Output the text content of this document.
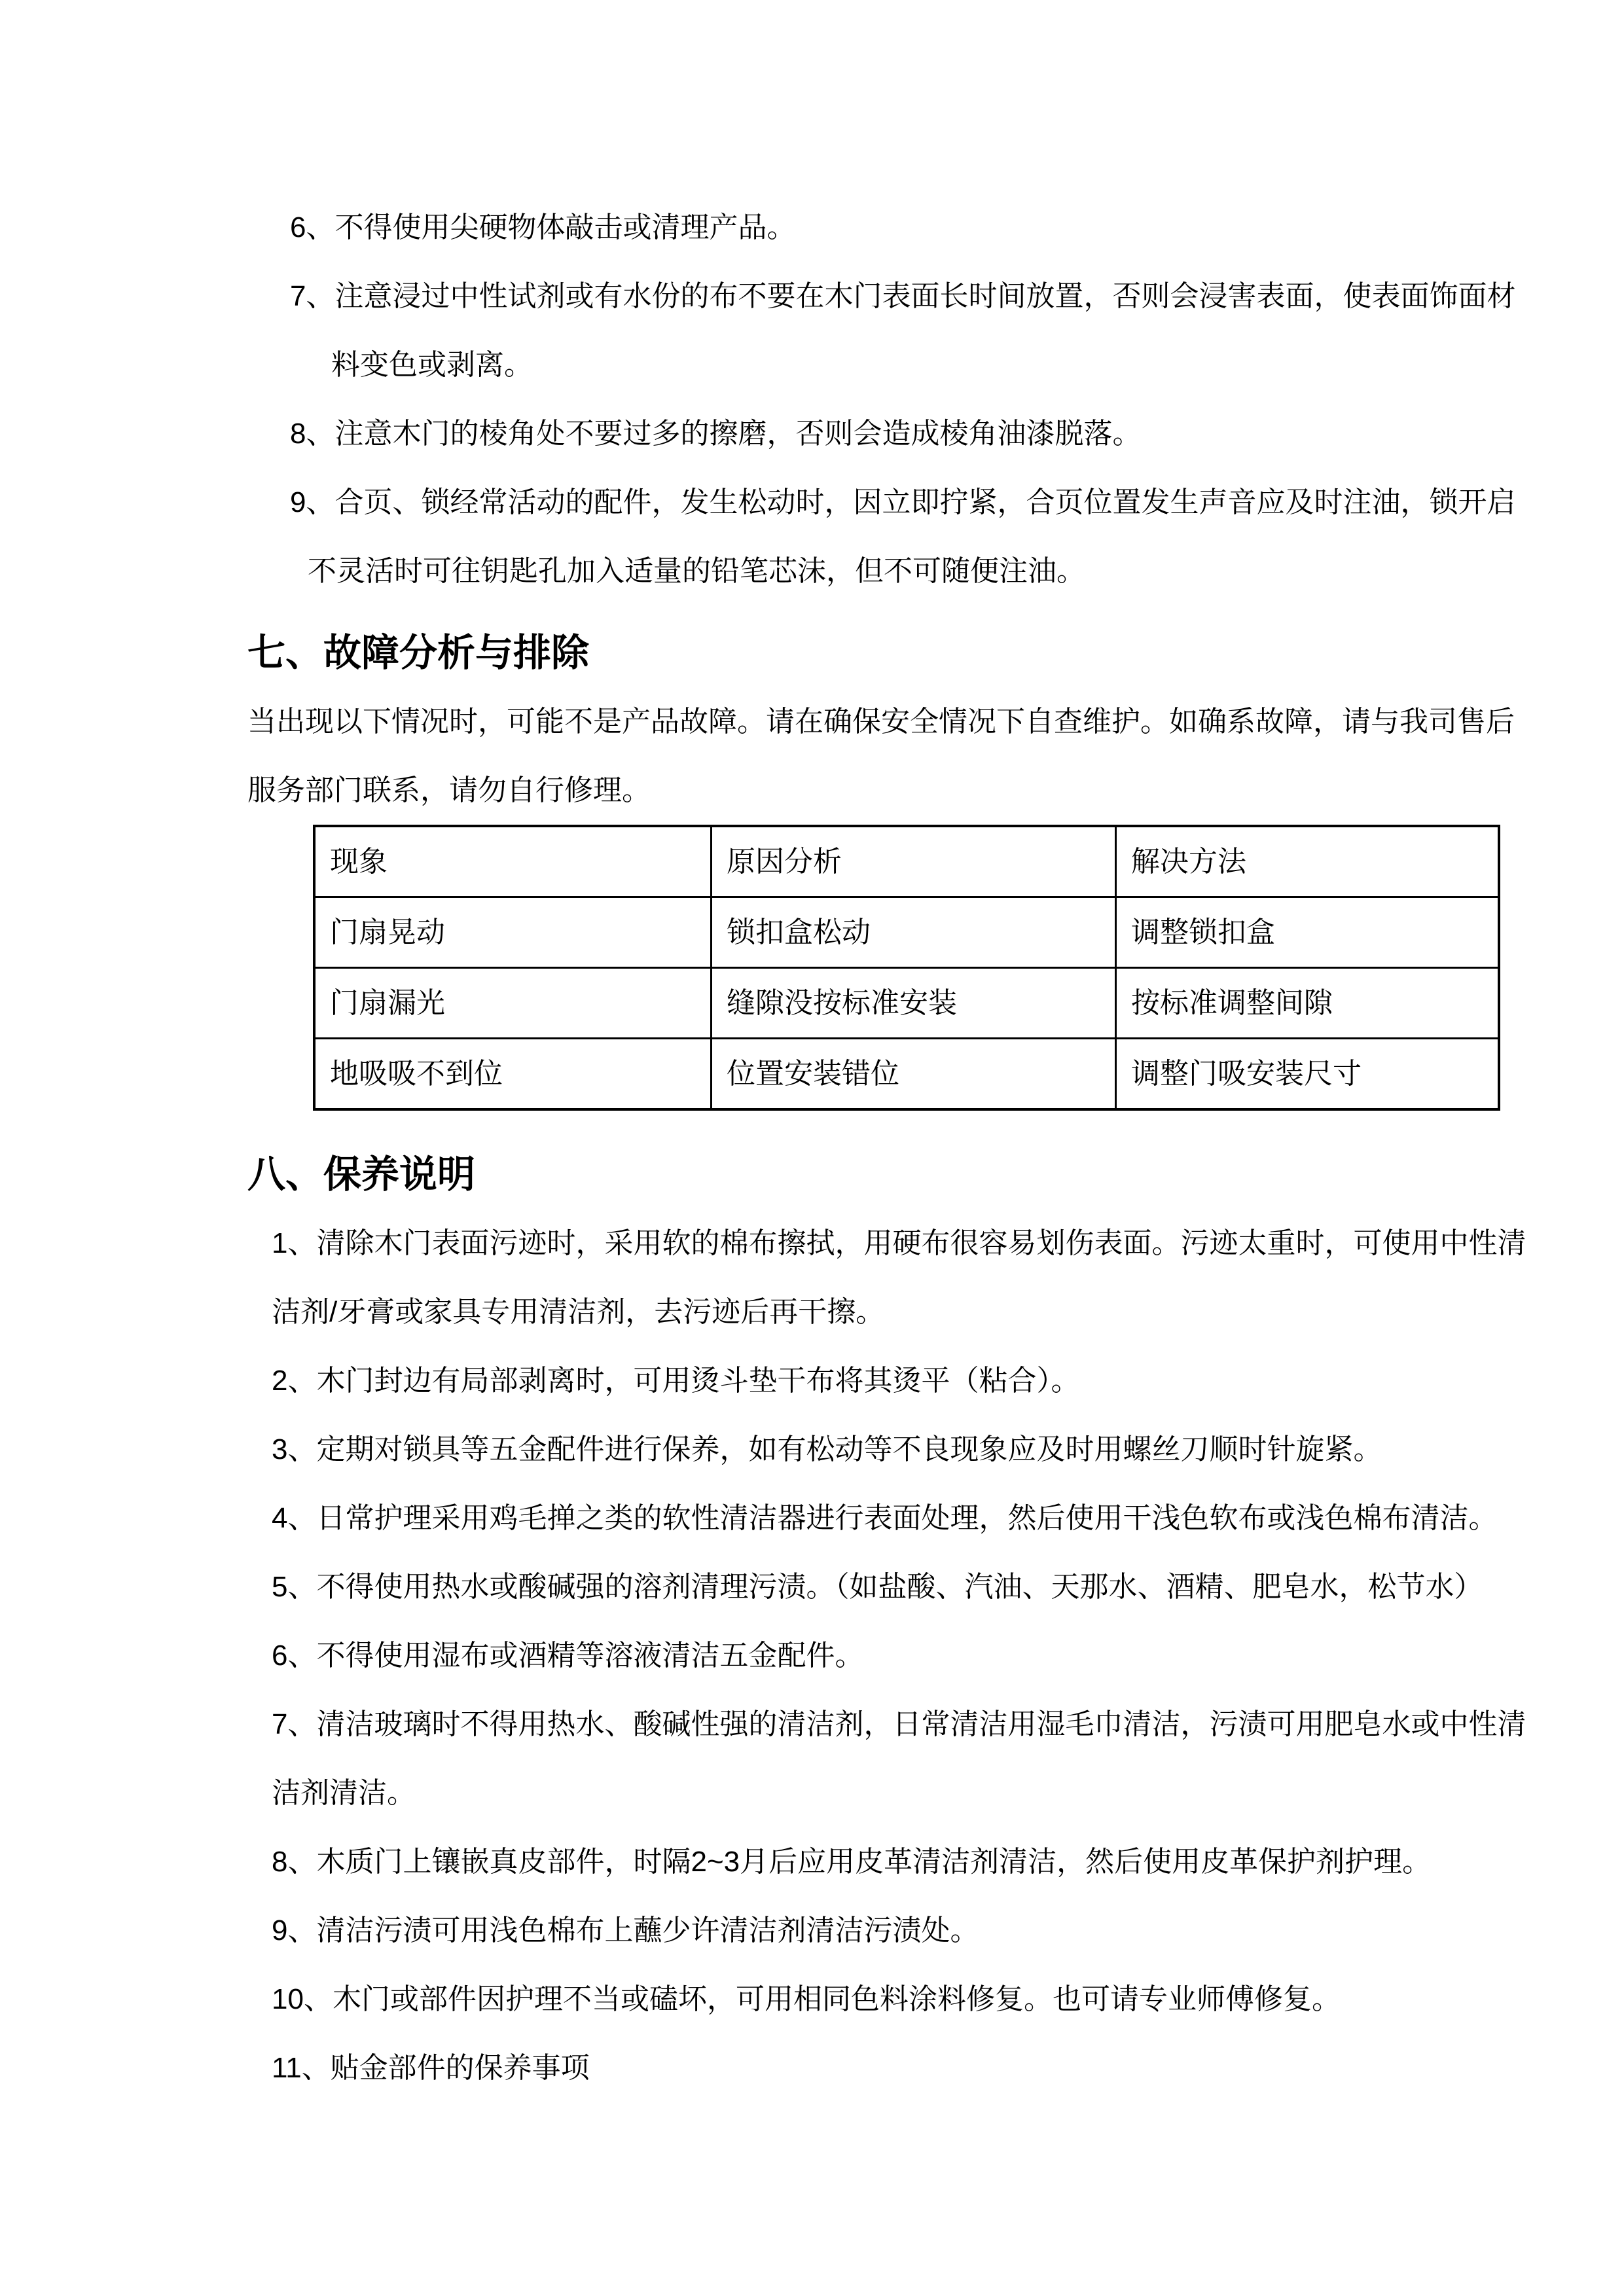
6、不得使用尖硬物体敲击或清理产品。
7、注意浸过中性试剂或有水份的布不要在木门表面长时间放置，否则会浸害表面，使表面饰面材
料变色或剥离。
8、注意木门的棱角处不要过多的擦磨，否则会造成棱角油漆脱落。
9、合页、锁经常活动的配件，发生松动时，因立即拧紧，合页位置发生声音应及时注油，锁开启
不灵活时可往钥匙孔加入适量的铅笔芯沫，但不可随便注油。
七、故障分析与排除
当出现以下情况时，可能不是产品故障。请在确保安全情况下自查维护。如确系故障，请与我司售后
服务部门联系，请勿自行修理。
现象	原因分析	解决方法
门扇晃动	锁扣盒松动	调整锁扣盒
门扇漏光	缝隙没按标准安装	按标准调整间隙
地吸吸不到位	位置安装错位	调整门吸安装尺寸
八、保养说明
1、清除木门表面污迹时，采用软的棉布擦拭，用硬布很容易划伤表面。污迹太重时，可使用中性清
洁剂/牙膏或家具专用清洁剂，去污迹后再干擦。
2、木门封边有局部剥离时，可用烫斗垫干布将其烫平（粘合）。
3、定期对锁具等五金配件进行保养，如有松动等不良现象应及时用螺丝刀顺时针旋紧。
4、日常护理采用鸡毛掸之类的软性清洁器进行表面处理，然后使用干浅色软布或浅色棉布清洁。
5、不得使用热水或酸碱强的溶剂清理污渍。（如盐酸、汽油、天那水、酒精、肥皂水，松节水）
6、不得使用湿布或酒精等溶液清洁五金配件。
7、清洁玻璃时不得用热水、酸碱性强的清洁剂，日常清洁用湿毛巾清洁，污渍可用肥皂水或中性清
洁剂清洁。
8、木质门上镶嵌真皮部件，时隔2~3月后应用皮革清洁剂清洁，然后使用皮革保护剂护理。
9、清洁污渍可用浅色棉布上蘸少许清洁剂清洁污渍处。
10、木门或部件因护理不当或磕坏，可用相同色料涂料修复。也可请专业师傅修复。
11、贴金部件的保养事项
